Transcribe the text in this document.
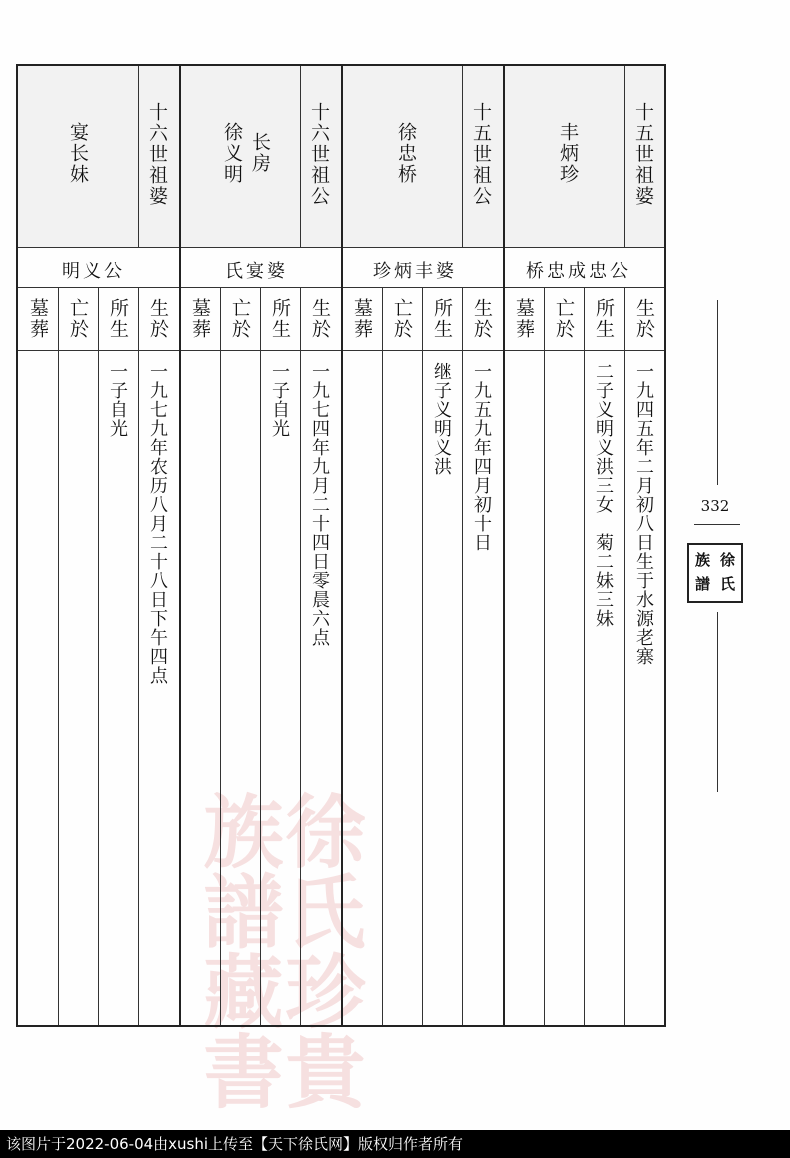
徐氏珍貴族譜藏書
十五世祖婆
丰炳珍
桥忠成忠公
生於
所生
亡於
墓葬
一九四五年二月初八日生于水源老寨
二子义明义洪三女　菊二妹三妹
十五世祖公
徐忠桥
珍炳丰婆
生於
所生
亡於
墓葬
一九五九年四月初十日
继子义明义洪
十六世祖公
长房
徐义明
氏宴婆
生於
所生
亡於
墓葬
一九七四年九月二十四日零晨六点
一子自光
十六世祖婆
宴长妹
明义公
生於
所生
亡於
墓葬
一九七九年农历八月二十八日下午四点
一子自光
332
徐
氏
族
譜
该图片于2022-06-04由xushi上传至【天下徐氏网】版权归作者所有
